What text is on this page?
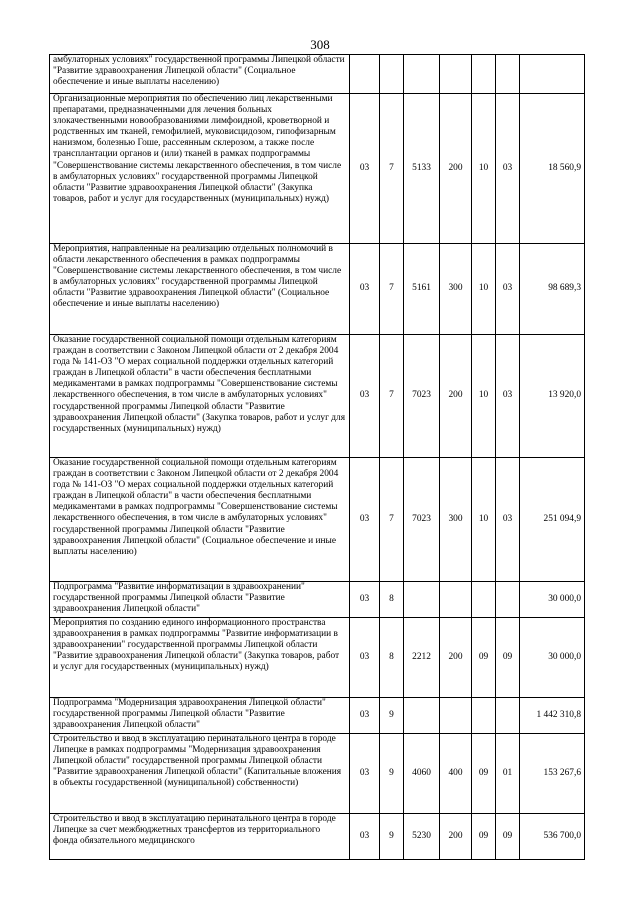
308
амбулаторных условиях" государственной программы Липецкой области "Развитие здравоохранения Липецкой области" (Социальное обеспечение и иные выплаты населению)							
Организационные мероприятия по обеспечению лиц лекарственными препаратами, предназначенными для лечения больных злокачественными новообразованиями лимфоидной, кроветворной и родственных им тканей, гемофилией, муковисцидозом, гипофизарным нанизмом, болезнью Гоше, рассеянным склерозом, а также после трансплантации органов и (или) тканей в рамках подпрограммы "Совершенствование системы лекарственного обеспечения, в том числе в амбулаторных условиях" государственной программы Липецкой области "Развитие здравоохранения Липецкой области" (Закупка товаров, работ и услуг для государственных (муниципальных) нужд)	03	7	5133	200	10	03	18 560,9
Мероприятия, направленные на реализацию отдельных полномочий в области лекарственного обеспечения в рамках подпрограммы "Совершенствование системы лекарственного обеспечения, в том числе в амбулаторных условиях" государственной программы Липецкой области "Развитие здравоохранения Липецкой области" (Социальное обеспечение и иные выплаты населению)	03	7	5161	300	10	03	98 689,3
Оказание государственной социальной помощи отдельным категориям граждан в соответствии с Законом Липецкой области от 2 декабря 2004 года № 141-ОЗ "О мерах социальной поддержки отдельных категорий граждан в Липецкой области" в части обеспечения бесплатными медикаментами в рамках подпрограммы "Совершенствование системы лекарственного обеспечения, в том числе в амбулаторных условиях" государственной программы Липецкой области "Развитие здравоохранения Липецкой области" (Закупка товаров, работ и услуг для государственных (муниципальных) нужд)	03	7	7023	200	10	03	13 920,0
Оказание государственной социальной помощи отдельным категориям граждан в соответствии с Законом Липецкой области от 2 декабря 2004 года № 141-ОЗ "О мерах социальной поддержки отдельных категорий граждан в Липецкой области" в части обеспечения бесплатными медикаментами в рамках подпрограммы "Совершенствование системы лекарственного обеспечения, в том числе в амбулаторных условиях" государственной программы Липецкой области "Развитие здравоохранения Липецкой области" (Социальное обеспечение и иные выплаты населению)	03	7	7023	300	10	03	251 094,9
Подпрограмма "Развитие информатизации в здравоохранении" государственной программы Липецкой области "Развитие здравоохранения Липецкой области"	03	8					30 000,0
Мероприятия по созданию единого информационного пространства здравоохранения в рамках подпрограммы "Развитие информатизации в здравоохранении" государственной программы Липецкой области "Развитие здравоохранения Липецкой области" (Закупка товаров, работ и услуг для государственных (муниципальных) нужд)	03	8	2212	200	09	09	30 000,0
Подпрограмма "Модернизация здравоохранения Липецкой области" государственной программы Липецкой области "Развитие здравоохранения Липецкой области"	03	9					1 442 310,8
Строительство и ввод в эксплуатацию перинатального центра в городе Липецке в рамках подпрограммы "Модернизация здравоохранения Липецкой области" государственной программы Липецкой области "Развитие здравоохранения Липецкой области" (Капитальные вложения в объекты государственной (муниципальной) собственности)	03	9	4060	400	09	01	153 267,6
Строительство и ввод в эксплуатацию перинатального центра в городе Липецке за счет межбюджетных трансфертов из территориального фонда обязательного медицинского	03	9	5230	200	09	09	536 700,0
